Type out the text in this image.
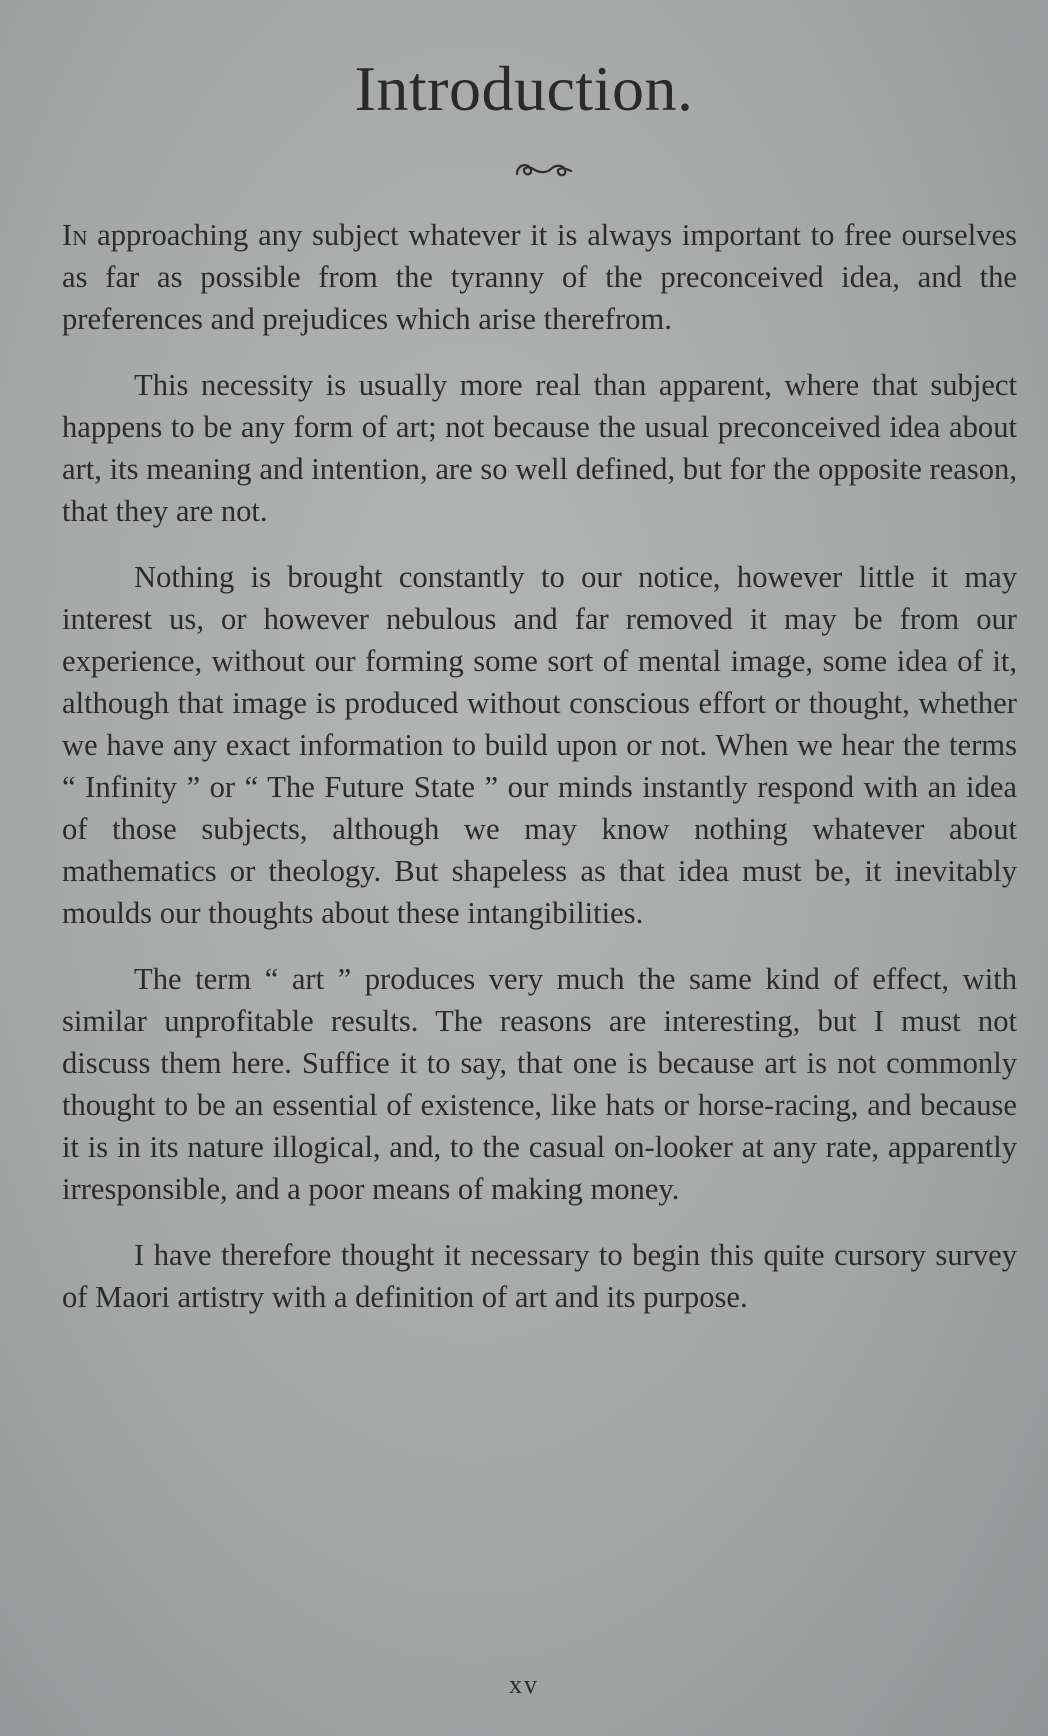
Introduction.

In approaching any subject whatever it is always important to free ourselves as far as possible from the tyranny of the preconceived idea, and the preferences and prejudices which arise therefrom.

This necessity is usually more real than apparent, where that subject happens to be any form of art; not because the usual preconceived idea about art, its meaning and intention, are so well defined, but for the opposite reason, that they are not.

Nothing is brought constantly to our notice, however little it may interest us, or however nebulous and far removed it may be from our experience, without our forming some sort of mental image, some idea of it, although that image is produced without conscious effort or thought, whether we have any exact information to build upon or not. When we hear the terms “ Infinity ” or “ The Future State ” our minds instantly respond with an idea of those subjects, although we may know nothing whatever about mathematics or theology. But shapeless as that idea must be, it inevitably moulds our thoughts about these intangibilities.

The term “ art ” produces very much the same kind of effect, with similar unprofitable results. The reasons are interesting, but I must not discuss them here. Suffice it to say, that one is because art is not commonly thought to be an essential of existence, like hats or horse-racing, and because it is in its nature illogical, and, to the casual on-looker at any rate, apparently irresponsible, and a poor means of making money.

I have therefore thought it necessary to begin this quite cursory survey of Maori artistry with a definition of art and its purpose.

xv
